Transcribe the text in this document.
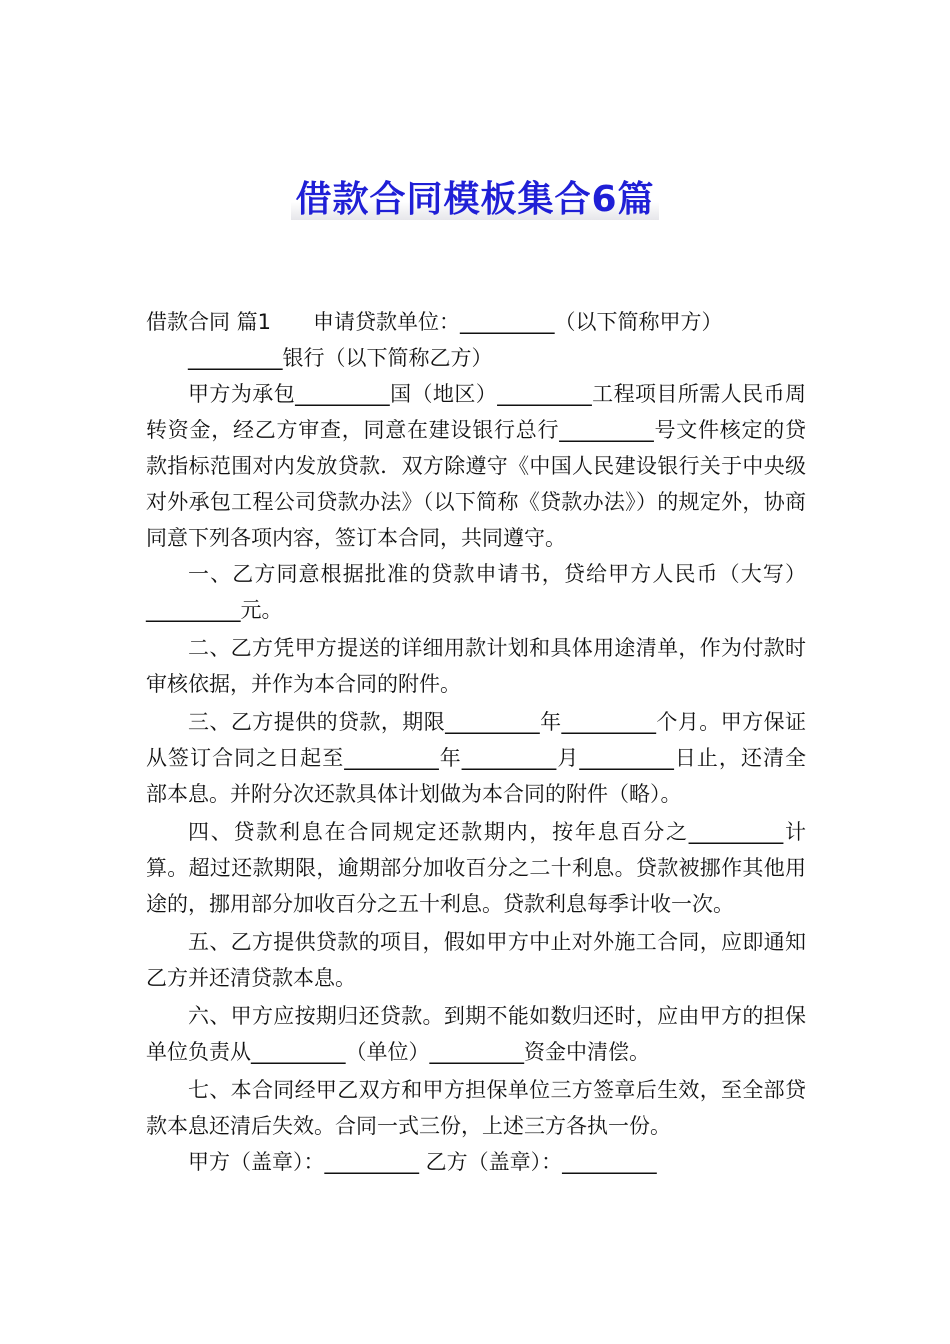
借款合同模板集合6篇

借款合同 篇1 申请贷款单位：_________（以下简称甲方）

_________银行（以下简称乙方）

甲方为承包_________国（地区）_________工程项目所需人民币周转资金，经乙方审查，同意在建设银行总行_________号文件核定的贷款指标范围对内发放贷款．双方除遵守《中国人民建设银行关于中央级对外承包工程公司贷款办法》（以下简称《贷款办法》）的规定外，协商同意下列各项内容，签订本合同，共同遵守。

一、乙方同意根据批准的贷款申请书，贷给甲方人民币（大写）_________元。

二、乙方凭甲方提送的详细用款计划和具体用途清单，作为付款时审核依据，并作为本合同的附件。

三、乙方提供的贷款，期限_________年_________个月。甲方保证从签订合同之日起至_________年_________月_________日止，还清全部本息。并附分次还款具体计划做为本合同的附件（略）。

四、贷款利息在合同规定还款期内，按年息百分之_________计算。超过还款期限，逾期部分加收百分之二十利息。贷款被挪作其他用途的，挪用部分加收百分之五十利息。贷款利息每季计收一次。

五、乙方提供贷款的项目，假如甲方中止对外施工合同，应即通知乙方并还清贷款本息。

六、甲方应按期归还贷款。到期不能如数归还时，应由甲方的担保单位负责从_________（单位）_________资金中清偿。

七、本合同经甲乙双方和甲方担保单位三方签章后生效，至全部贷款本息还清后失效。合同一式三份，上述三方各执一份。

甲方（盖章）：_________ 乙方（盖章）：_________
